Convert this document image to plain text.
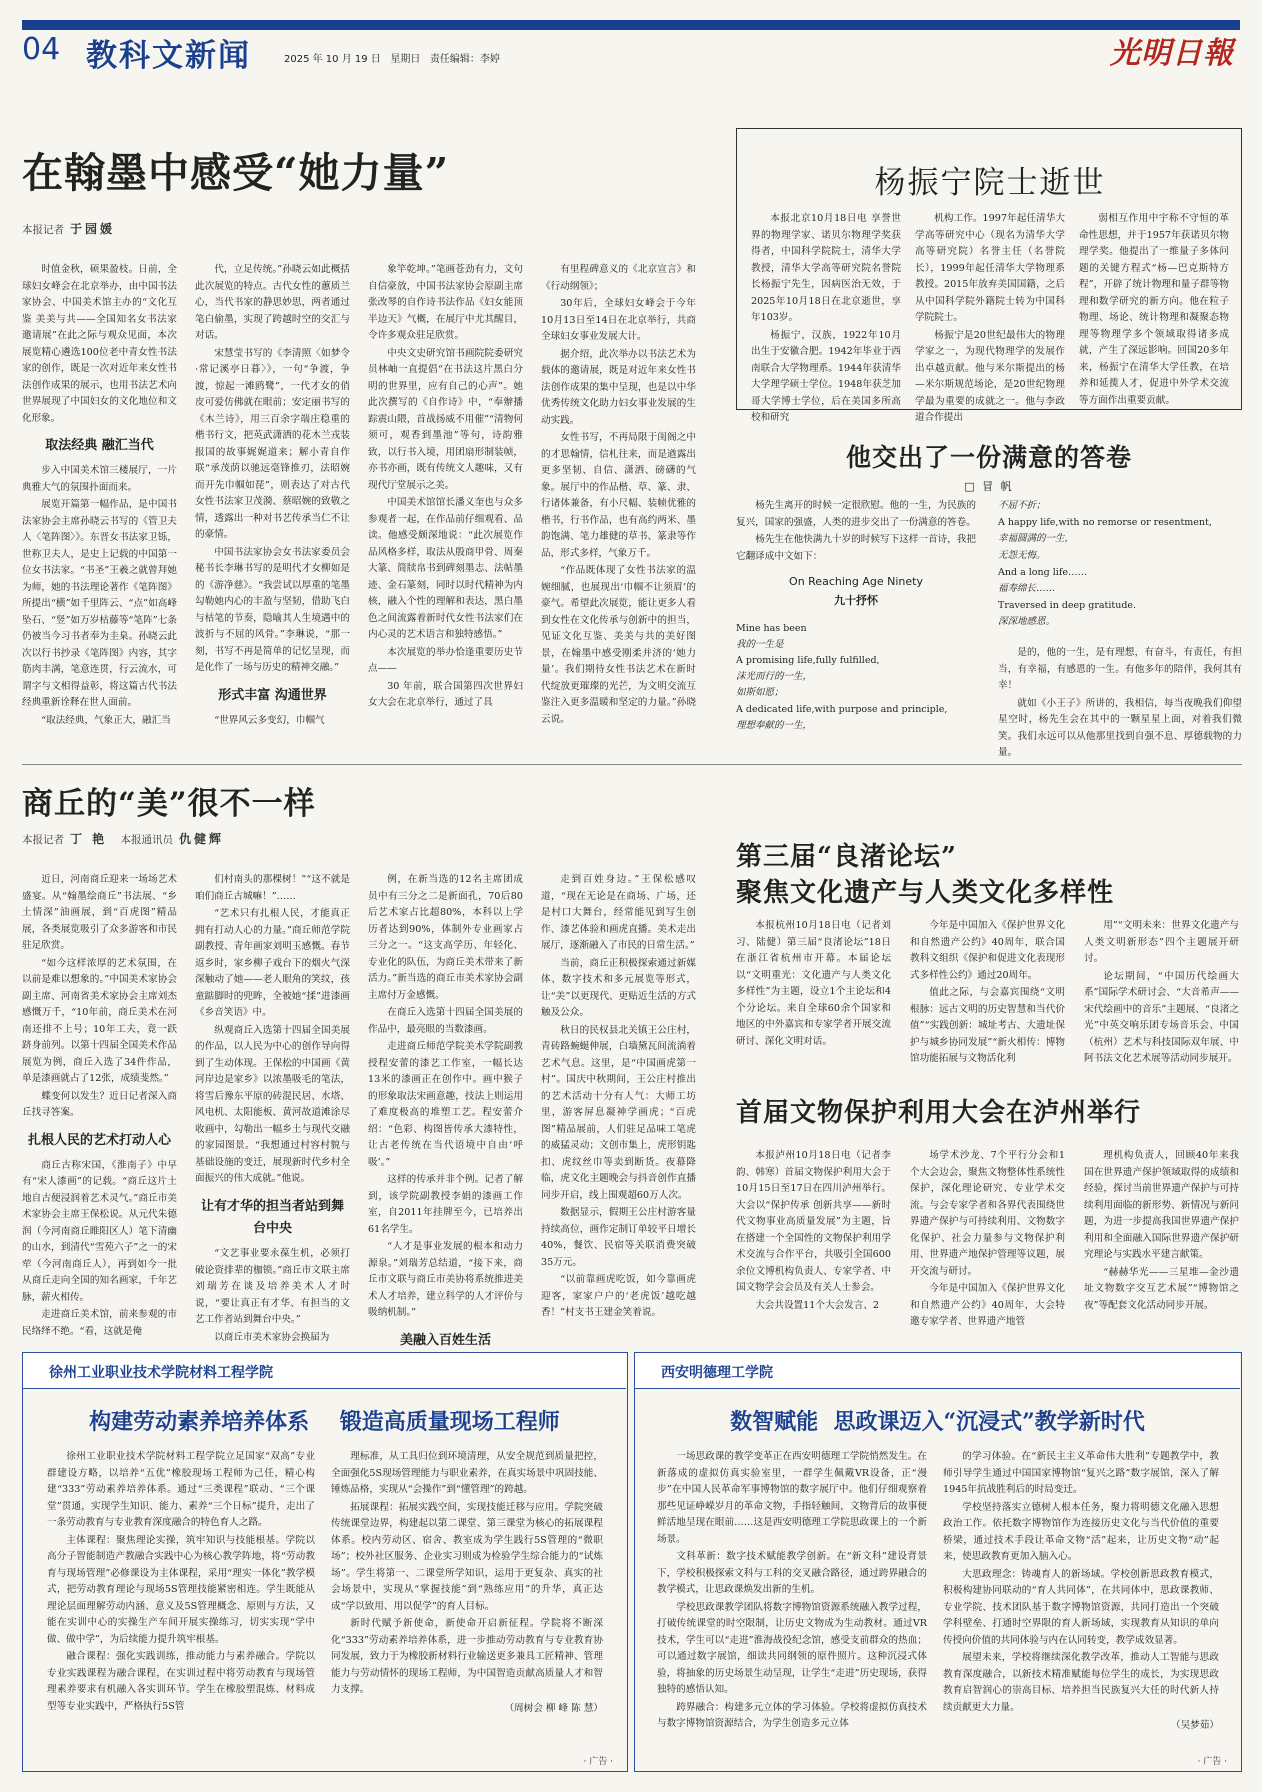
04 教科文新闻	2025 年 10 月 19 日   星期日   责任编辑：李婷	光明日報
在翰墨中感受“她力量”
本报记者 于园媛

时值金秋，硕果盈枝。日前，全球妇女峰会在北京举办，由中国书法家协会、中国美术馆主办的“文化互鉴 美美与共——全国知名女书法家邀请展”在此之际与观众见面，本次展览精心遴选100位老中青女性书法家的创作，既是一次对近年来女性书法创作成果的展示，也用书法艺术向世界展现了中国妇女的文化地位和文化形象。

取法经典 融汇当代

步入中国美术馆三楼展厅，一片典雅大气的氛围扑面而来。

展览开篇第一幅作品，是中国书法家协会主席孙晓云书写的《管卫夫人〈笔阵图〉》。东晋女书法家卫铄，世称卫夫人，是史上记载的中国第一位女书法家。“书圣”王羲之就曾拜她为师，她的书法理论著作《笔阵图》所提出“横”如千里阵云、“点”如高峰坠石、“竖”如万岁枯藤等“笔阵”七条仍被当今习书者奉为圭臬。孙晓云此次以行书抄录《笔阵图》内容，其字筋肉丰满，笔意连贯，行云流水，可谓字与文相得益彰，将这篇古代书法经典重新诠释在世人面前。

“取法经典，气象正大，融汇当

代，立足传统。”孙晓云如此概括此次展览的特点。古代女性的蕙质兰心，当代书家的静思妙思，两者通过笔白偷墨，实现了跨越时空的交汇与对话。

宋慧莹书写的《李清照〈如梦令·常记溪亭日暮〉》，一句“争渡，争渡，惊起一滩鸥鹭”，一代才女的俏皮可爱仿佛就在眼前；安定丽书写的《木兰诗》，用三百余字端庄稳重的楷书行文，把英武潇洒的花木兰戎装报国的故事娓娓道来；解小青自作联“承茂荫以驰远毫锋推刃，法昭婉而开先巾帼如琵”，则表达了对古代女性书法家卫茂漪、蔡昭婉的致敬之情，透露出一种对书艺传承当仁不让的豪情。

中国书法家协会女书法家委员会秘书长李琳书写的是明代才女柳如是的《游净慈》。“我尝试以厚重的笔墨勾勒她内心的丰盈与坚韧，借助飞白与枯笔的节奏，隐喻其人生境遇中的波折与不屈的风骨。”李琳说，“那一刻，书写不再是简单的记忆呈现，而是化作了一场与历史的精神交融。”

形式丰富 沟通世界

“世界风云多变幻，巾帼气

象竿乾坤。”笔画苍劲有力，文句自信豪放，中国书法家协会原副主席张改琴的自作诗书法作品《妇女能顶半边天》气概，在展厅中尤其醒目，令许多观众驻足欣赏。

中央文史研究馆书画院院委研究员林岫一直提倡“在书法这片黑白分明的世界里，应有自己的心声”。她此次撰写的《自作诗》中，“奉辦播踪震山隈，首战扬威不用催”“清物何须可，观香到墨池”等句，诗韵雅致，以行书入境，用团扇形制装帧，亦书亦画，既有传统文人趣味，又有现代厅堂展示之美。

中国美术馆馆长潘义奎也与众多参观者一起，在作品前仔细观看、品读。他感受颇深地说：“此次展览作品风格多样，取法从殷商甲骨、周秦大篆、简牍帛书到碑刻墨志、法帖墨迹、金石篆刻，同时以时代精神为内核，融入个性的理解和表达，黑白墨色之间流露着新时代女性书法家们在内心灵的艺术语言和独特感悟。”

本次展览的举办恰逢重要历史节点——

30 年前，联合国第四次世界妇女大会在北京举行，通过了具

有里程碑意义的《北京宣言》和《行动纲领》；

30年后，全球妇女峰会于今年10月13日至14日在北京举行，共商全球妇女事业发展大计。

据介绍，此次举办以书法艺术为载体的邀请展，既是对近年来女性书法创作成果的集中呈现，也是以中华优秀传统文化助力妇女事业发展的生动实践。

女性书写，不再局限于闺阁之中的才思翰情，信札往来，而是遒露出更多坚韧、自信、潇洒、磅礴的气象。展厅中的作品楷、草、篆、隶、行诸体兼备，有小尺幅、装帧优雅的楷书，行书作品，也有高约两米、墨韵饱满、笔力雄健的草书、篆隶等作品，形式多样，气象万千。

“作品既体现了女性书法家的温婉细腻，也展现出‘巾帼不让须眉’的豪气。希望此次展览，能让更多人看到女性在文化传承与创新中的担当，见证文化互鉴、美美与共的美好图景，在翰墨中感受刚柔并济的‘她力量’。我们期待女性书法艺术在新时代绽放更璀璨的光芒，为文明交流互鉴注入更多温暖和坚定的力量。”孙晓云说。

杨振宁院士逝世

本报北京10月18日电 享誉世界的物理学家、诺贝尔物理学奖获得者，中国科学院院士，清华大学教授，清华大学高等研究院名誉院长杨振宁先生，因病医治无效，于2025年10月18日在北京逝世，享年103岁。

杨振宁，汉族，1922年10月出生于安徽合肥。1942年毕业于西南联合大学物理系。1944年获清华大学理学硕士学位。1948年获芝加哥大学博士学位，后在美国多所高校和研究

机构工作。1997年起任清华大学高等研究中心（现名为清华大学高等研究院）名誉主任（名誉院长），1999年起任清华大学物理系教授。2015年放弃美国国籍，之后从中国科学院外籍院士转为中国科学院院士。

杨振宁是20世纪最伟大的物理学家之一，为现代物理学的发展作出卓越贡献。他与米尔斯提出的杨—米尔斯规范场论，是20世纪物理学最为重要的成就之一。他与李政道合作提出

弱相互作用中宇称不守恒的革命性思想，并于1957年获诺贝尔物理学奖。他提出了一维量子多体问题的关键方程式“杨—巴克斯特方程”，开辟了统计物理和量子群等物理和数学研究的新方向。他在粒子物理、场论、统计物理和凝聚态物理等物理学多个领域取得诸多成就，产生了深远影响。回国20多年来，杨振宁在清华大学任教，在培养和延揽人才，促进中外学术交流等方面作出重要贡献。

他交出了一份满意的答卷
□ 冒 帆

杨先生离开的时候一定很欣慰。他的一生，为民族的复兴，国家的强盛，人类的进步交出了一份满意的答卷。

杨先生在他快满九十岁的时候写下这样一首诗，我把它翻译成中文如下：

On Reaching Age Ninety
九十抒怀
Mine has been
我的一生是
A promising life,fully fulfilled,
沫光而行的一生，
如斯如愿；
A dedicated life,with purpose and principle,
理想奉献的一生，
不屈不折；
A happy life,with no remorse or resentment,
幸福圆满的一生，
无怨无悔。
And a long life……
福寿绵长……
Traversed in deep gratitude.
深深地感恩。

是的，他的一生，是有理想，有奋斗，有责任，有担当，有幸福，有感恩的一生。有他多年的陪伴，我何其有幸！

就如《小王子》所讲的，我相信，每当夜晚我们仰望星空时，杨先生会在其中的一颗星星上面，对着我们微笑。我们永远可以从他那里找到自强不息、厚德载物的力量。

商丘的“美”很不一样
本报记者 丁 艳 本报通讯员 仇健辉

近日，河南商丘迎来一场场艺术盛宴。从“翰墨绘商丘”书法展、“乡土情深”油画展，到“百虎图”精品展，各类展览吸引了众多游客和市民驻足欣赏。

“如今这样浓厚的艺术氛围，在以前是难以想象的。”中国美术家协会副主席、河南省美术家协会主席刘杰感慨万千，“10年前，商丘美术在河南还排不上号；10年工夫，竟一跃跻身前列。以第十四届全国美术作品展览为例，商丘入选了34件作品，单是漆画就占了12张，成绩斐然。”

蝶变何以发生？近日记者深入商丘找寻答案。

扎根人民的艺术打动人心

商丘古称宋国，《淮南子》中早有“宋人漆画”的记载。“商丘这片土地自古便浸润着艺术灵气。”商丘市美术家协会主席王保松说。从元代朱德润（今河南商丘睢阳区人）笔下清幽的山水，到清代“雪苑六子”之一的宋荦（今河南商丘人），再到如今一批从商丘走向全国的知名画家，千年艺脉，薪火相传。

走进商丘美术馆，前来参观的市民络绎不绝。“看，这就是俺

们村南头的那棵树！”“这不就是咱们商丘古城嘛！”……

“艺术只有扎根人民，才能真正拥有打动人心的力量。”商丘师范学院副教授、青年画家刘明玉感慨。春节返乡时，家乡柳子戏台下的烟火气深深触动了她——老人眼角的笑纹，孩童踮脚时的兜眸，全被她“揉”进漆画《乡音笑语》中。

纵观商丘入选第十四届全国美展的作品，以人民为中心的创作导向得到了生动体现。王保松的中国画《黄河岸边是家乡》以浓墨吸毛的笔法，将雪后豫东平原的砖混民居、水塔、风电机、太阳能板、黄河故道滩涂尽收画中，勾勒出一幅乡土与现代交融的家园图景。“我想通过村容村貌与基础设施的变迁，展现新时代乡村全面振兴的伟大成就。”他说。

让有才华的担当者站到舞台中央

“文艺事业要永葆生机，必须打破论资排辈的枷锁。”商丘市文联主席刘瑞芳在谈及培养美术人才时说，“要让真正有才华、有担当的文艺工作者站到舞台中央。”

以商丘市美术家协会换届为

例，在新当选的12名主席团成员中有三分之二是新面孔，70后80后艺术家占比超80%，本科以上学历者达到90%，体制外专业画家占三分之一。“这支高学历、年轻化、专业化的队伍，为商丘美术带来了新活力。”新当选的商丘市美术家协会副主席付万金感慨。

在商丘入选第十四届全国美展的作品中，最亮眼的当数漆画。

走进商丘师范学院美术学院副教授程安蕾的漆艺工作室，一幅长达13米的漆画正在创作中。画中猴子的形象取法宋画意趣，技法上则运用了难度极高的堆塑工艺。程安蕾介绍：“色彩、构图皆传承大漆特性，让古老传统在当代语境中自由‘呼吸’。”

这样的传承并非个例。记者了解到，该学院副教授李娟的漆画工作室，自2011年挂牌至今，已培养出61名学生。

“人才是事业发展的根本和动力源泉。”刘瑞芳总结道，“接下来，商丘市文联与商丘市美协将系统推进美术人才培养，建立科学的人才评价与吸纳机制。”

美融入百姓生活

走到百姓身边。”王保松感叹道，“现在无论是在商场、广场，还是村口大舞台，经常能见到写生创作、漆艺体验和画虎直播。美术走出展厅，逐渐融入了市民的日常生活。”

当前，商丘正积极探索通过新媒体、数字技术和多元展览等形式，让“美”以更现代、更贴近生活的方式触及公众。

秋日的民权县北关镇王公庄村，青砖路蜿蜒伸展，白墙黛瓦间流淌着艺术气息。这里，是“中国画虎第一村”。国庆中秋期间，王公庄村推出的艺术活动十分有人气：大师工坊里，游客屏息凝神学画虎；“百虎图”精品展前，人们驻足品味工笔虎的威猛灵动；文创市集上，虎形钥匙扣、虎纹丝巾等卖到断货。夜幕降临，虎文化主题晚会与抖音创作直播同步开启，线上围观超60万人次。

数据显示，假期王公庄村游客量持续高位，画作定制订单较平日增长40%，餐饮、民宿等关联消费突破35万元。

“以前靠画虎吃饭，如今靠画虎迎客，家家户户的‘老虎饭’越吃越香！”村支书王建金笑着说。

第三届“良渚论坛”
聚焦文化遗产与人类文化多样性

本报杭州10月18日电（记者刘习、陆健）第三届“良渚论坛”18日在浙江省杭州市开幕。本届论坛以“文明重光：文化遗产与人类文化多样性”为主题，设立1个主论坛和4个分论坛。来自全球60余个国家和地区的中外嘉宾和专家学者开展交流研讨、深化文明对话。

今年是中国加入《保护世界文化和自然遗产公约》40周年，联合国教科文组织《保护和促进文化表现形式多样性公约》通过20周年。

值此之际，与会嘉宾围绕“文明根脉：远古文明的历史智慧和当代价值”“实践创新：城址考古、大遗址保护与城乡协同发展”“新火相传：博物馆功能拓展与文物活化利

用”“文明未来：世界文化遗产与人类文明新形态”四个主题展开研讨。

论坛期间，“中国历代绘画大系”国际学术研讨会、“大音希声——宋代绘画中的音乐”主题展、“良渚之光”中英交响乐团专场音乐会、中国（杭州）艺术与科技国际双年展、中阿书法文化艺术展等活动同步展开。

首届文物保护利用大会在泸州举行

本报泸州10月18日电（记者李韵、韩寒）首届文物保护利用大会于10月15日至17日在四川泸州举行。大会以“保护传承 创新共享——新时代文物事业高质量发展”为主题，旨在搭建一个全国性的文物保护利用学术交流与合作平台，共吸引全国600余位文博机构负责人、专家学者、中国文物学会会员及有关人士参会。

大会共设置11个大会发言、2

场学术沙龙、7个平行分会和1个大会边会，聚焦文物整体性系统性保护，深化理论研究、专业学术交流。与会专家学者和各界代表围绕世界遗产保护与可持续利用、文物数字化保护、社会力量参与文物保护利用、世界遗产地保护管理等议题，展开交流与研讨。

今年是中国加入《保护世界文化和自然遗产公约》40周年，大会特邀专家学者、世界遗产地管

理机构负责人，回顾40年来我国在世界遗产保护领域取得的成绩和经验，探讨当前世界遗产保护与可持续利用面临的新形势、新情况与新问题，为进一步提高我国世界遗产保护利用和全面融入国际世界遗产保护研究理论与实践水平建言献策。

“赫赫华光——三星堆—金沙遗址文物数字交互艺术展”“博物馆之夜”等配套文化活动同步开展。

徐州工业职业技术学院材料工程学院
构建劳动素养培养体系    锻造高质量现场工程师

徐州工业职业技术学院材料工程学院立足国家“双高”专业群建设方略，以培养“五优”橡胶现场工程师为己任，精心构建“333”劳动素养培养体系。通过“三类课程”联动、“三个课堂”贯通，实现学生知识、能力、素养“三个日标”提升，走出了一条劳动教育与专业教育深度融合的特色育人之路。

主体课程：聚焦理论实操，筑牢知识与技能根基。学院以高分子智能制造产教融合实践中心为核心教学阵地，将“劳动教育与现场管理”必修课设为主体课程，采用“理实一体化”教学模式，把劳动教育理论与现场5S管理技能紧密相连。学生既能从理论层面理解劳动内涵、意义及5S管理概念、原则与方法，又能在实训中心的实操生产车间开展实操练习，切实实现“学中做、做中学”，为后续能力提升筑牢根基。

融合课程：强化实践训练，推动能力与素养融合。学院以专业实践课程为融合课程，在实训过程中将劳动教育与现场管理素养要求有机融入各实训环节。学生在橡胶塑混炼、材料成型等专业实践中，严格执行5S管

理标准，从工具归位到环境清理，从安全规范到质量把控，全面强化5S现场管理能力与职业素养，在真实场景中巩固技能、锤炼品格，实现从“会操作”到“懂管理”的跨越。

拓展课程：拓展实践空间，实现技能迁移与应用。学院突破传统课堂边界，构建起以第二课堂、第三课堂为核心的拓展课程体系。校内劳动区、宿舍、教室成为学生践行5S管理的“微职场”；校外社区服务、企业实习则成为检验学生综合能力的“试炼场”。学生将第一、二课堂所学知识，运用于更复杂、真实的社会场景中，实现从“掌握技能”到“熟练应用”的升华，真正达成“学以致用、用以促学”的育人目标。

新时代赋予新使命，新使命开启新征程。学院将不断深化“333”劳动素养培养体系，进一步推动劳动教育与专业教育协同发展，致力于为橡胶新材料行业输送更多兼具工匠精神、管理能力与劳动情怀的现场工程师，为中国智造贡献高质量人才和智力支撑。

（周树会 柳 峰 陈 慧）
· 广告 ·
西安明德理工学院
数智赋能  思政课迈入“沉浸式”教学新时代

一场思政课的教学变革正在西安明德理工学院悄然发生。在新落成的虚拟仿真实验室里，一群学生佩戴VR设备，正“漫步”在中国人民革命军事博物馆的数字展厅中。他们仔细观察着那些见证峥嵘岁月的革命文物，手指轻触间，文物背后的故事便鲜活地呈现在眼前……这是西安明德理工学院思政课上的一个新场景。

文科革新：数字技术赋能教学创新。在“新文科”建设背景下，学校积极探索文科与工科的交叉融合路径，通过跨界融合的教学模式，让思政课焕发出新的生机。

学校思政课教学团队将数字博物馆资源系统融入教学过程，打破传统课堂的时空限制，让历史文物成为生动教材。通过VR技术，学生可以“走进”淮海战役纪念馆，感受支前群众的热血；可以通过数字展馆，细读共同纲领的原件照片。这种沉浸式体验，将抽象的历史场景生动呈现，让学生“走进”历史现场，获得独特的感悟认知。

跨界融合：构建多元立体的学习体验。学校将虚拟仿真技术与数字博物馆资源结合，为学生创造多元立体

的学习体验。在“新民主主义革命伟大胜利”专题教学中，教师引导学生通过中国国家博物馆“复兴之路”数字展馆，深入了解1945年抗战胜利后的时局变迁。

学校坚持落实立德树人根本任务，聚力将明德文化融入思想政治工作。依托数字博物馆作为连接历史文化与当代价值的重要桥梁，通过技术手段让革命文物“活”起来，让历史文物“动”起来，使思政教育更加入脑入心。

大思政理念：铸魂育人的新场域。学校创新思政教育模式，积极构建协同联动的“育人共同体”，在共同体中，思政课教师、专业学院、技术团队基于数字博物馆资源，共同打造出一个突破学科壁垒、打通时空界限的育人新场域，实现教育从知识的单向传授向价值的共同体验与内在认同转变，教学成效显著。

展望未来，学校将继续深化教学改革，推动人工智能与思政教育深度融合，以新技术精准赋能每位学生的成长，为实现思政教育启智润心的崇高目标、培养担当民族复兴大任的时代新人持续贡献更大力量。

（吴梦茹）
· 广告 ·
